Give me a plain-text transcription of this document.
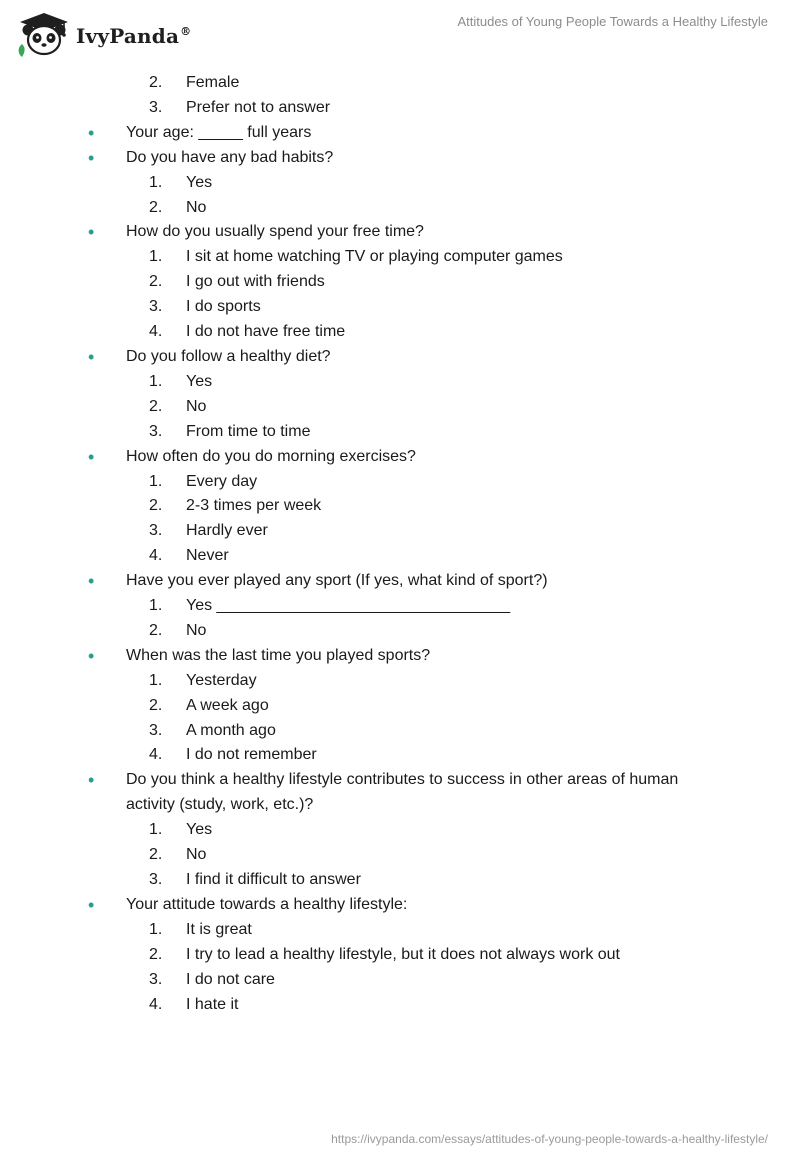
IvyPanda®
Attitudes of Young People Towards a Healthy Lifestyle
2. Female
3. Prefer not to answer
• Your age: _____ full years
• Do you have any bad habits?
1. Yes
2. No
• How do you usually spend your free time?
1. I sit at home watching TV or playing computer games
2. I go out with friends
3. I do sports
4. I do not have free time
• Do you follow a healthy diet?
1. Yes
2. No
3. From time to time
• How often do you do morning exercises?
1. Every day
2. 2-3 times per week
3. Hardly ever
4. Never
• Have you ever played any sport (If yes, what kind of sport?)
1. Yes _________________________________
2. No
• When was the last time you played sports?
1. Yesterday
2. A week ago
3. A month ago
4. I do not remember
• Do you think a healthy lifestyle contributes to success in other areas of human activity (study, work, etc.)?
1. Yes
2. No
3. I find it difficult to answer
• Your attitude towards a healthy lifestyle:
1. It is great
2. I try to lead a healthy lifestyle, but it does not always work out
3. I do not care
4. I hate it
https://ivypanda.com/essays/attitudes-of-young-people-towards-a-healthy-lifestyle/
